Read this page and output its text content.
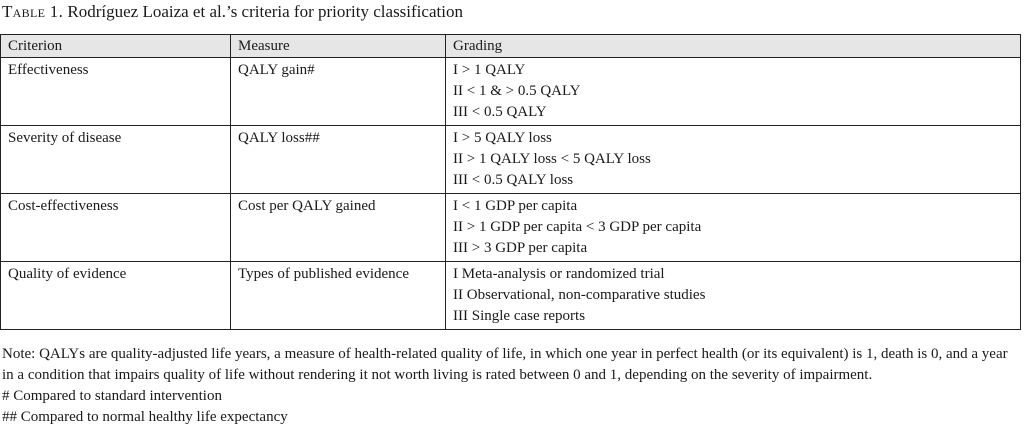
Table 1. Rodríguez Loaiza et al.’s criteria for priority classification
Criterion	Measure	Grading
Effectiveness	QALY gain#	I > 1 QALY
II < 1 & > 0.5 QALY
III < 0.5 QALY

Severity of disease	QALY loss##	I > 5 QALY loss
II > 1 QALY loss < 5 QALY loss
III < 0.5 QALY loss

Cost-effectiveness	Cost per QALY gained	I < 1 GDP per capita
II > 1 GDP per capita < 3 GDP per capita
III > 3 GDP per capita

Quality of evidence	Types of published evidence	I Meta-analysis or randomized trial
II Observational, non-comparative studies
III Single case reports

Note: QALYs are quality-adjusted life years, a measure of health-related quality of life, in which one year in perfect health (or its equivalent) is 1, death is 0, and a year in a condition that impairs quality of life without rendering it not worth living is rated between 0 and 1, depending on the severity of impairment.

# Compared to standard intervention

## Compared to normal healthy life expectancy
